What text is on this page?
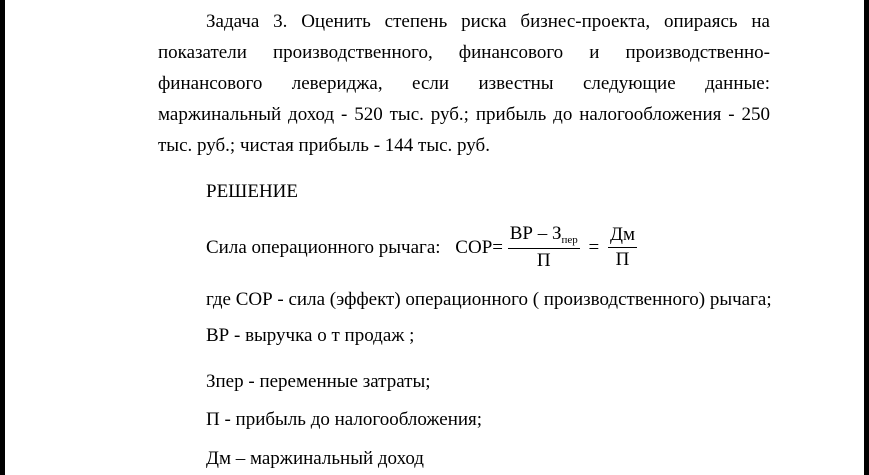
Задача 3. Оценить степень риска бизнес-проекта, опираясь на
показатели производственного, финансового и производственно-
финансового левериджа, если известны следующие данные:
маржинальный доход - 520 тыс. руб.; прибыль до налогообложения - 250
тыс. руб.; чистая прибыль - 144 тыс. руб.
РЕШЕНИЕ
Сила операционного рычага: $СОР= \frac{ВР - З_{пер}}{П} = \frac{Дм}{П}$
где СОР - сила (эффект) операционного ( производственного) рычага;
ВР - выручка о т продаж ;
Зпер - переменные затраты;
П - прибыль до налогообложения;
Дм – маржинальный доход
